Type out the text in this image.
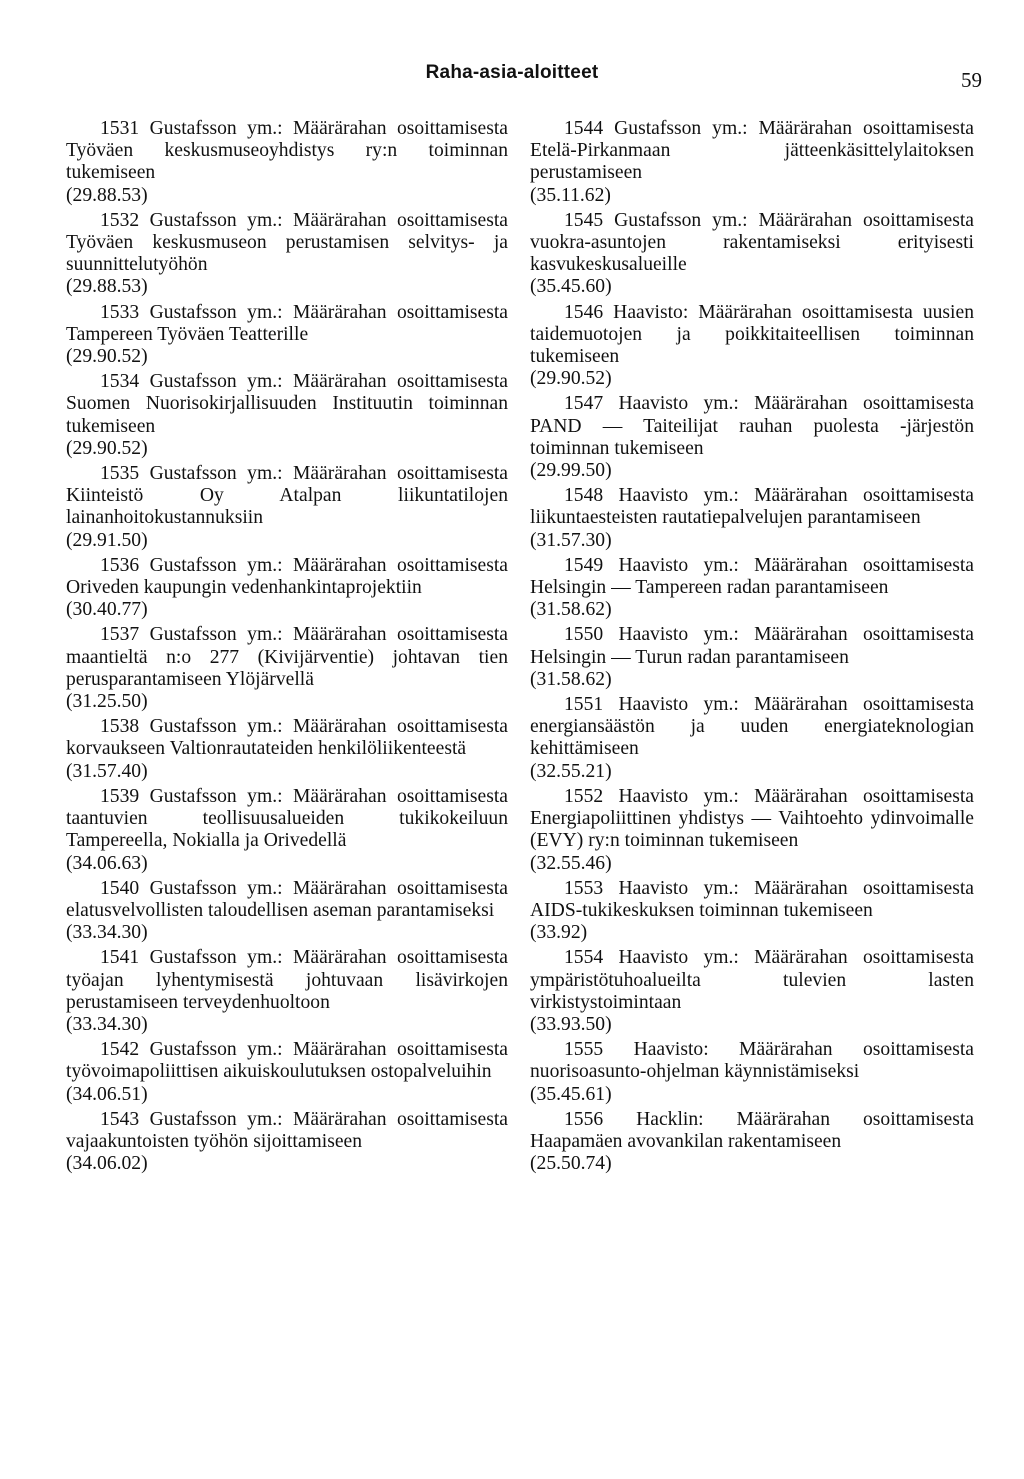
Raha-asia-aloitteet	59
1531 Gustafsson ym.: Määrärahan osoittamisesta Työväen keskusmuseoyhdistys ry:n toiminnan tukemiseen
(29.88.53)
1532 Gustafsson ym.: Määrärahan osoittamisesta Työväen keskusmuseon perustamisen selvitys- ja suunnittelutyöhön
(29.88.53)
1533 Gustafsson ym.: Määrärahan osoittamisesta Tampereen Työväen Teatterille
(29.90.52)
1534 Gustafsson ym.: Määrärahan osoittamisesta Suomen Nuorisokirjallisuuden Instituutin toiminnan tukemiseen
(29.90.52)
1535 Gustafsson ym.: Määrärahan osoittamisesta Kiinteistö Oy Atalpan liikuntatilojen lainanhoitokustannuksiin
(29.91.50)
1536 Gustafsson ym.: Määrärahan osoittamisesta Oriveden kaupungin vedenhankintaprojektiin
(30.40.77)
1537 Gustafsson ym.: Määrärahan osoittamisesta maantieltä n:o 277 (Kivijärventie) johtavan tien perusparantamiseen Ylöjärvellä
(31.25.50)
1538 Gustafsson ym.: Määrärahan osoittamisesta korvaukseen Valtionrautateiden henkilöliikenteestä
(31.57.40)
1539 Gustafsson ym.: Määrärahan osoittamisesta taantuvien teollisuusalueiden tukikokeiluun Tampereella, Nokialla ja Orivedellä
(34.06.63)
1540 Gustafsson ym.: Määrärahan osoittamisesta elatusvelvollisten taloudellisen aseman parantamiseksi
(33.34.30)
1541 Gustafsson ym.: Määrärahan osoittamisesta työajan lyhentymisestä johtuvaan lisävirkojen perustamiseen terveydenhuoltoon
(33.34.30)
1542 Gustafsson ym.: Määrärahan osoittamisesta työvoimapoliittisen aikuiskoulutuksen ostopalveluihin
(34.06.51)
1543 Gustafsson ym.: Määrärahan osoittamisesta vajaakuntoisten työhön sijoittamiseen
(34.06.02)
1544 Gustafsson ym.: Määrärahan osoittamisesta Etelä-Pirkanmaan jätteenkäsittelylaitoksen perustamiseen
(35.11.62)
1545 Gustafsson ym.: Määrärahan osoittamisesta vuokra-asuntojen rakentamiseksi erityisesti kasvukeskusalueille
(35.45.60)
1546 Haavisto: Määrärahan osoittamisesta uusien taidemuotojen ja poikkitaiteellisen toiminnan tukemiseen
(29.90.52)
1547 Haavisto ym.: Määrärahan osoittamisesta PAND — Taiteilijat rauhan puolesta -järjestön toiminnan tukemiseen
(29.99.50)
1548 Haavisto ym.: Määrärahan osoittamisesta liikuntaesteisten rautatiepalvelujen parantamiseen
(31.57.30)
1549 Haavisto ym.: Määrärahan osoittamisesta Helsingin — Tampereen radan parantamiseen
(31.58.62)
1550 Haavisto ym.: Määrärahan osoittamisesta Helsingin — Turun radan parantamiseen
(31.58.62)
1551 Haavisto ym.: Määrärahan osoittamisesta energiansäästön ja uuden energiateknologian kehittämiseen
(32.55.21)
1552 Haavisto ym.: Määrärahan osoittamisesta Energiapoliittinen yhdistys — Vaihtoehto ydinvoimalle (EVY) ry:n toiminnan tukemiseen
(32.55.46)
1553 Haavisto ym.: Määrärahan osoittamisesta AIDS-tukikeskuksen toiminnan tukemiseen
(33.92)
1554 Haavisto ym.: Määrärahan osoittamisesta ympäristötuhoalueilta tulevien lasten virkistystoimintaan
(33.93.50)
1555 Haavisto: Määrärahan osoittamisesta nuorisoasunto-ohjelman käynnistämiseksi
(35.45.61)
1556 Hacklin: Määrärahan osoittamisesta Haapamäen avovankilan rakentamiseen
(25.50.74)
